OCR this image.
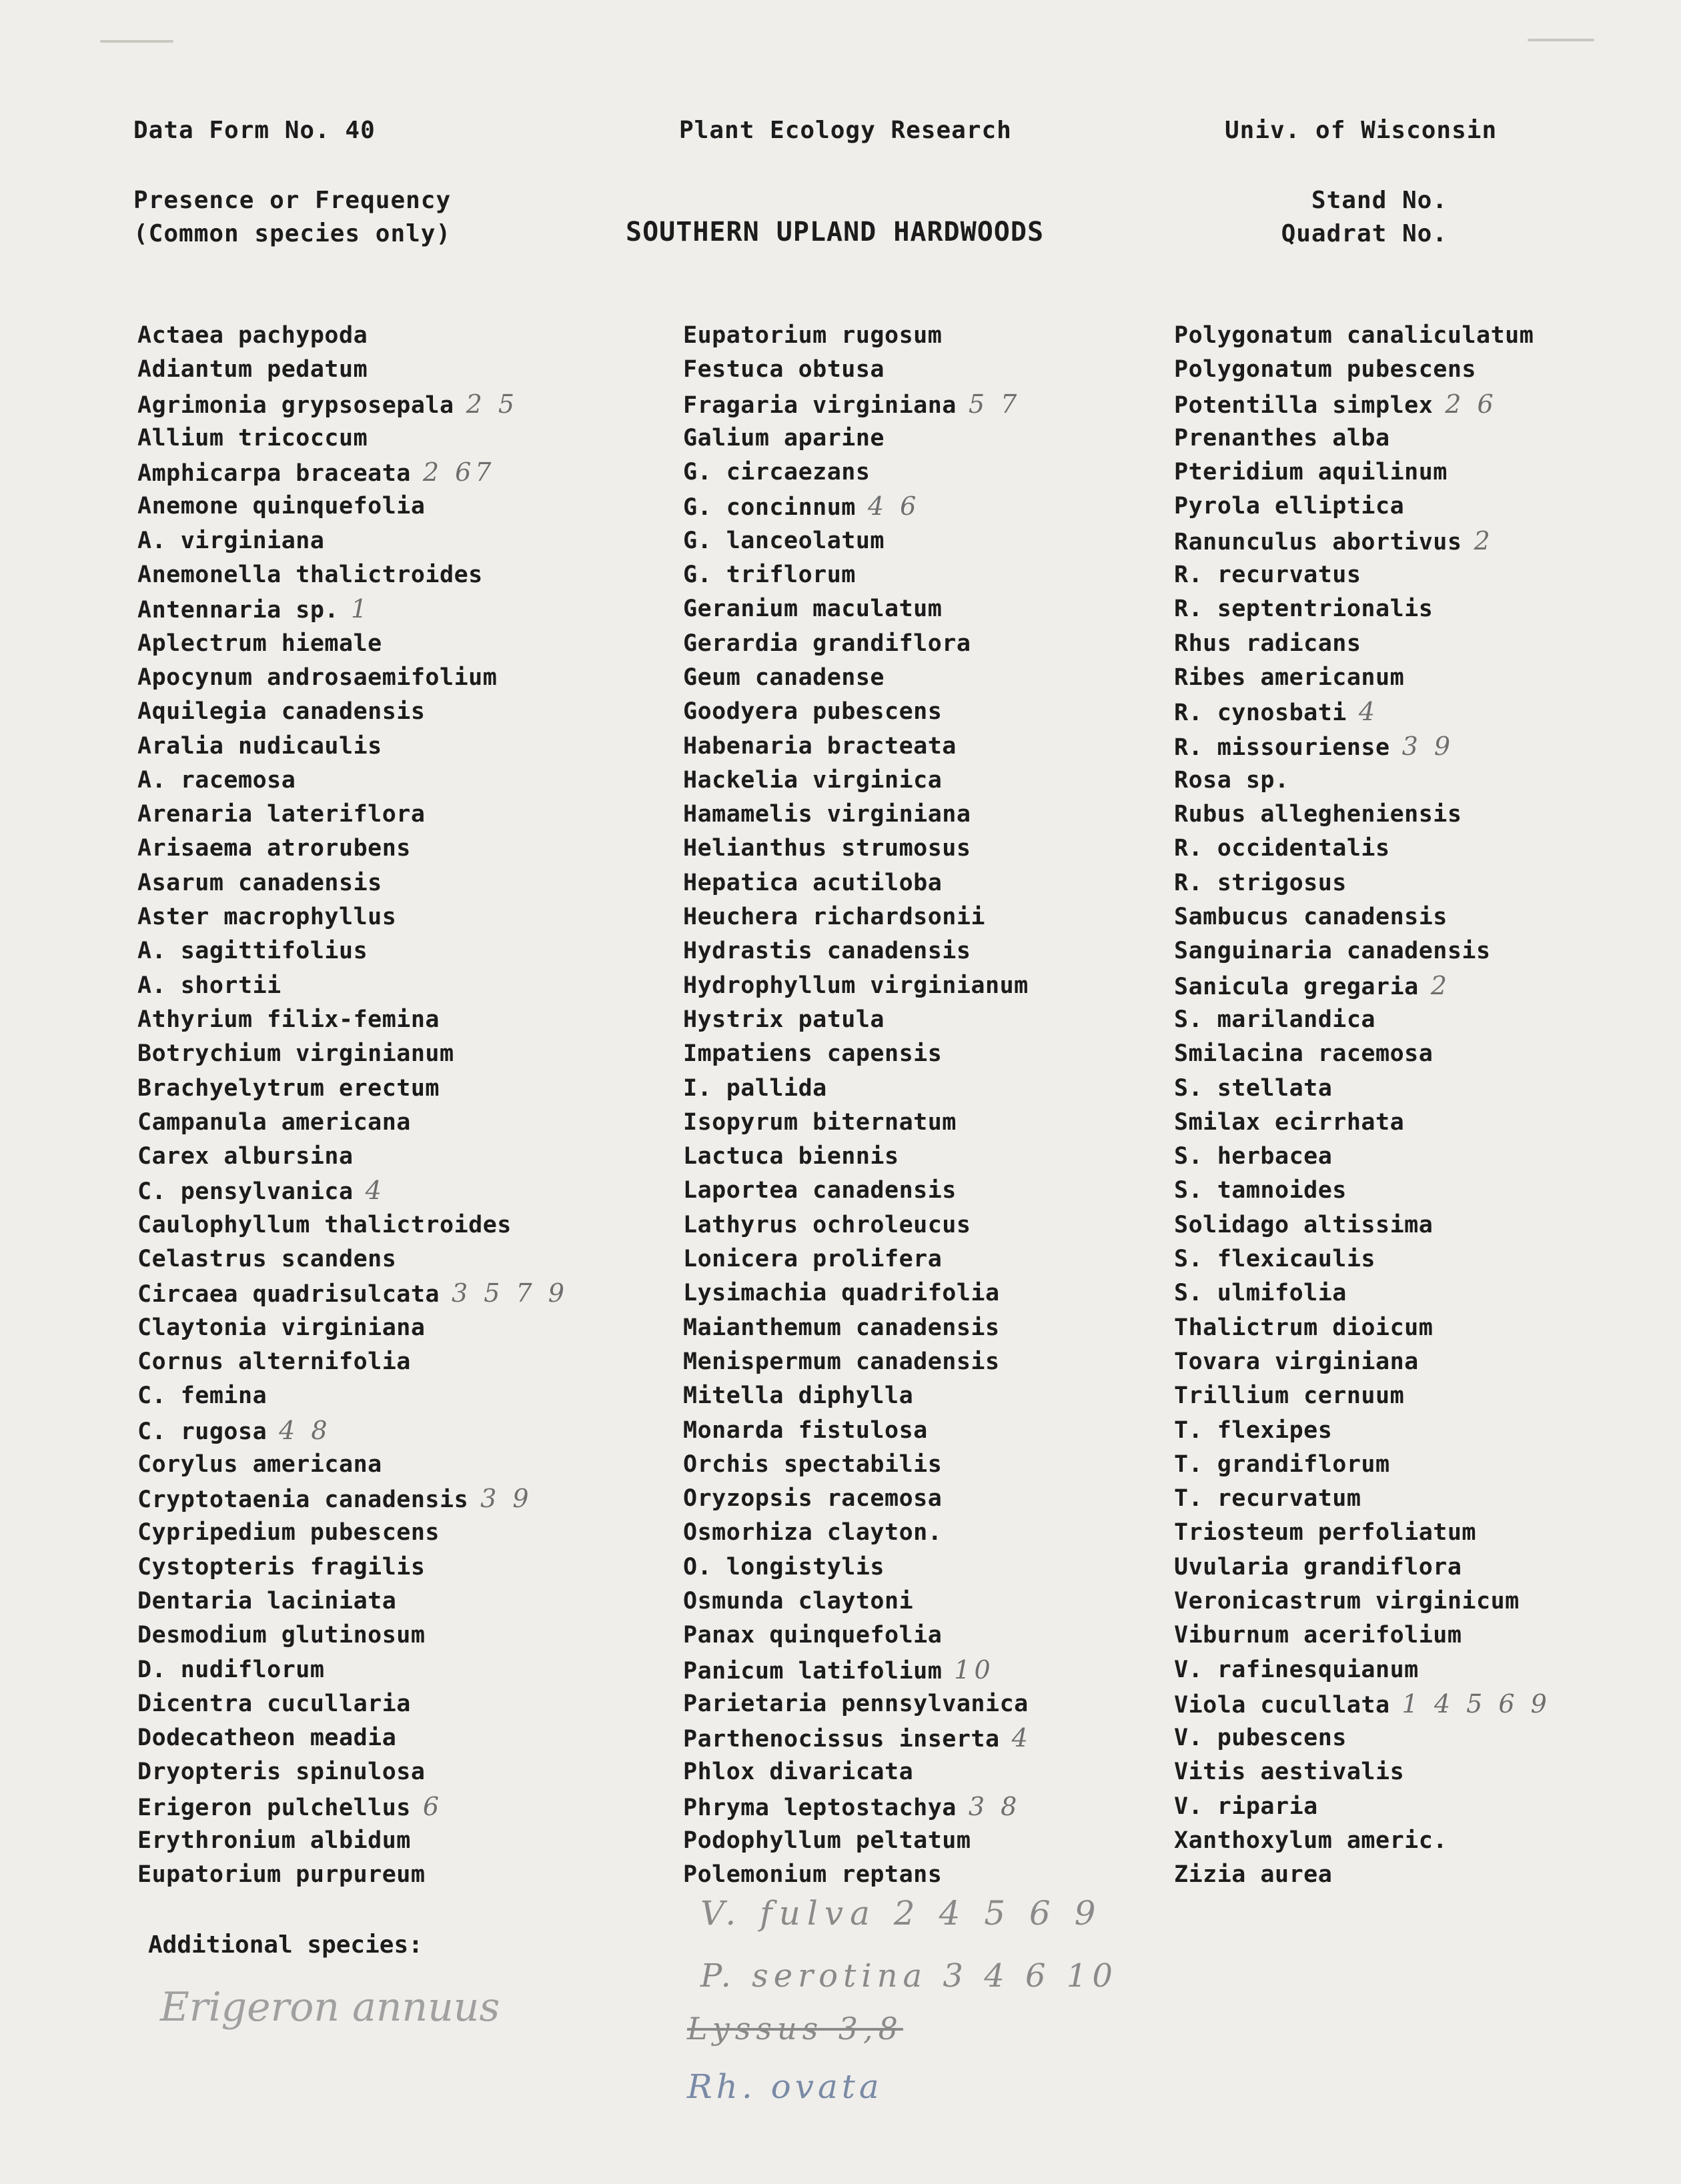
Data Form No. 40	Plant Ecology Research	Univ. of Wisconsin
Presence or Frequency
(Common species only)	SOUTHERN UPLAND HARDWOODS
Stand No.
Quadrat No.
Actaea pachypoda
Adiantum pedatum
Agrimonia grypsosepala 2 5
Allium tricoccum
Amphicarpa braceata 2 67
Anemone quinquefolia
A. virginiana
Anemonella thalictroides
Antennaria sp. 1
Aplectrum hiemale
Apocynum androsaemifolium
Aquilegia canadensis
Aralia nudicaulis
A. racemosa
Arenaria lateriflora
Arisaema atrorubens
Asarum canadensis
Aster macrophyllus
A. sagittifolius
A. shortii
Athyrium filix-femina
Botrychium virginianum
Brachyelytrum erectum
Campanula americana
Carex albursina
C. pensylvanica 4
Caulophyllum thalictroides
Celastrus scandens
Circaea quadrisulcata 3 5 7 9
Claytonia virginiana
Cornus alternifolia
C. femina
C. rugosa 4 8
Corylus americana
Cryptotaenia canadensis 3 9
Cypripedium pubescens
Cystopteris fragilis
Dentaria laciniata
Desmodium glutinosum
D. nudiflorum
Dicentra cucullaria
Dodecatheon meadia
Dryopteris spinulosa
Erigeron pulchellus 6
Erythronium albidum
Eupatorium purpureum
Eupatorium rugosum
Festuca obtusa
Fragaria virginiana 5 7
Galium aparine
G. circaezans
G. concinnum 4 6
G. lanceolatum
G. triflorum
Geranium maculatum
Gerardia grandiflora
Geum canadense
Goodyera pubescens
Habenaria bracteata
Hackelia virginica
Hamamelis virginiana
Helianthus strumosus
Hepatica acutiloba
Heuchera richardsonii
Hydrastis canadensis
Hydrophyllum virginianum
Hystrix patula
Impatiens capensis
I. pallida
Isopyrum biternatum
Lactuca biennis
Laportea canadensis
Lathyrus ochroleucus
Lonicera prolifera
Lysimachia quadrifolia
Maianthemum canadensis
Menispermum canadensis
Mitella diphylla
Monarda fistulosa
Orchis spectabilis
Oryzopsis racemosa
Osmorhiza clayton.
O. longistylis
Osmunda claytoni
Panax quinquefolia
Panicum latifolium 10
Parietaria pennsylvanica
Parthenocissus inserta 4
Phlox divaricata
Phryma leptostachya 3 8
Podophyllum peltatum
Polemonium reptans
Polygonatum canaliculatum
Polygonatum pubescens
Potentilla simplex 2 6
Prenanthes alba
Pteridium aquilinum
Pyrola elliptica
Ranunculus abortivus 2
R. recurvatus
R. septentrionalis
Rhus radicans
Ribes americanum
R. cynosbati 4
R. missouriense 3 9
Rosa sp.
Rubus allegheniensis
R. occidentalis
R. strigosus
Sambucus canadensis
Sanguinaria canadensis
Sanicula gregaria 2
S. marilandica
Smilacina racemosa
S. stellata
Smilax ecirrhata
S. herbacea
S. tamnoides
Solidago altissima
S. flexicaulis
S. ulmifolia
Thalictrum dioicum
Tovara virginiana
Trillium cernuum
T. flexipes
T. grandiflorum
T. recurvatum
Triosteum perfoliatum
Uvularia grandiflora
Veronicastrum virginicum
Viburnum acerifolium
V. rafinesquianum
Viola cucullata 1 4 5 6 9
V. pubescens
Vitis aestivalis
V. riparia
Xanthoxylum americ.
Zizia aurea
Additional species:
Erigeron annuus
V. fulva 2 4 5 6 9
P. serotina 3 4 6 10
Lyssus 3,8
Rh. ovata
